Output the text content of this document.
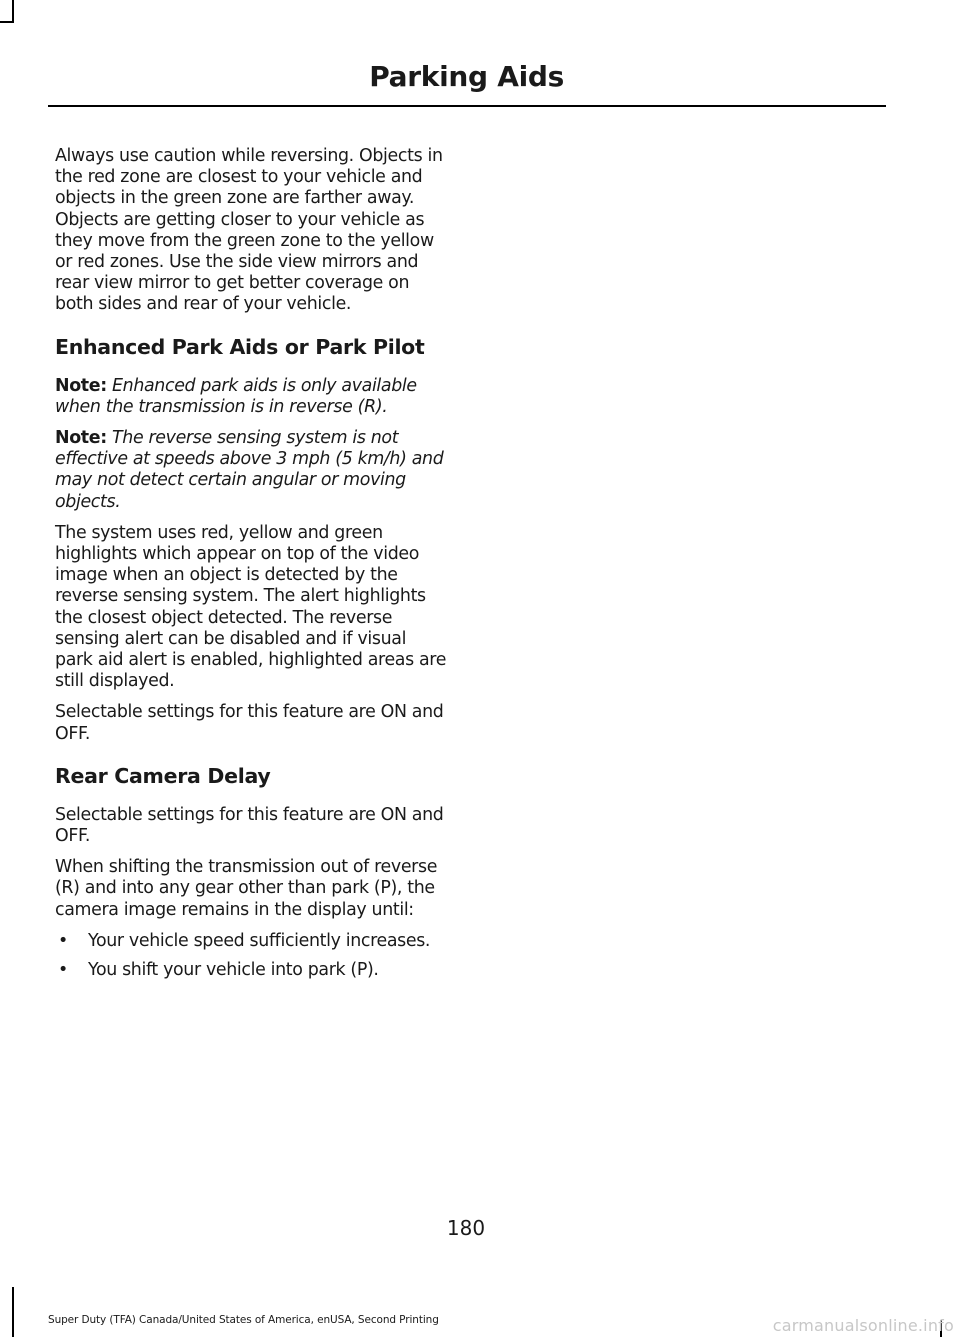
Parking Aids

Always use caution while reversing. Objects in the red zone are closest to your vehicle and objects in the green zone are farther away. Objects are getting closer to your vehicle as they move from the green zone to the yellow or red zones. Use the side view mirrors and rear view mirror to get better coverage on both sides and rear of your vehicle.

Enhanced Park Aids or Park Pilot

Note: Enhanced park aids is only available when the transmission is in reverse (R).

Note: The reverse sensing system is not effective at speeds above 3 mph (5 km/h) and may not detect certain angular or moving objects.

The system uses red, yellow and green highlights which appear on top of the video image when an object is detected by the reverse sensing system. The alert highlights the closest object detected. The reverse sensing alert can be disabled and if visual park aid alert is enabled, highlighted areas are still displayed.

Selectable settings for this feature are ON and OFF.

Rear Camera Delay

Selectable settings for this feature are ON and OFF.

When shifting the transmission out of reverse (R) and into any gear other than park (P), the camera image remains in the display until:

• Your vehicle speed sufficiently increases.
• You shift your vehicle into park (P).
180
Super Duty (TFA) Canada/United States of America, enUSA, Second Printing	carmanualsonline.info
